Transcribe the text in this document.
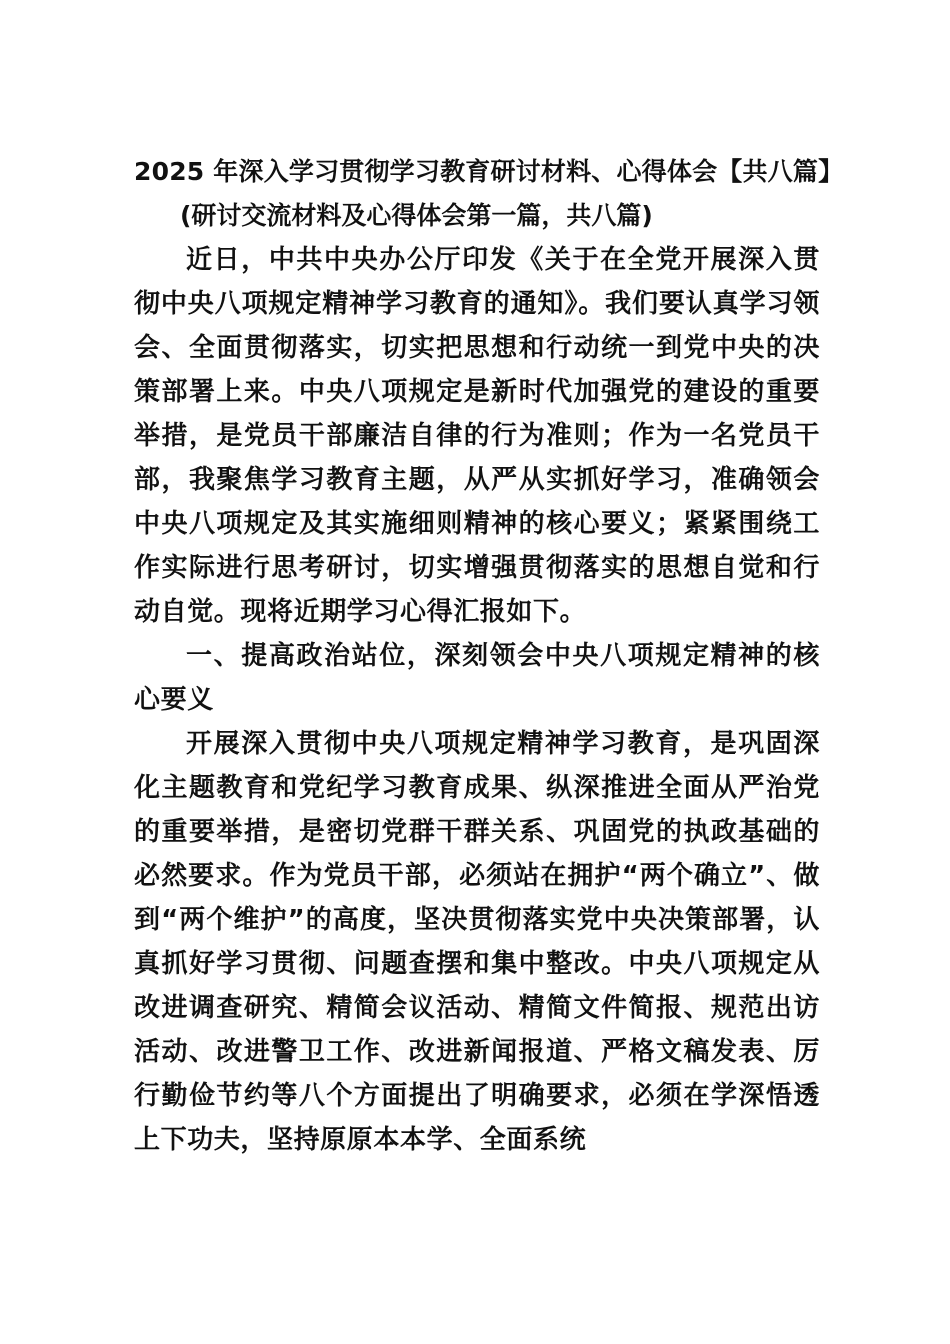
2025 年深入学习贯彻学习教育研讨材料、心得体会【共八篇】

(研讨交流材料及心得体会第一篇，共八篇)

近日，中共中央办公厅印发《关于在全党开展深入贯彻中央八项规定精神学习教育的通知》。我们要认真学习领会、全面贯彻落实，切实把思想和行动统一到党中央的决策部署上来。中央八项规定是新时代加强党的建设的重要举措，是党员干部廉洁自律的行为准则；作为一名党员干部，我聚焦学习教育主题，从严从实抓好学习，准确领会中央八项规定及其实施细则精神的核心要义；紧紧围绕工作实际进行思考研讨，切实增强贯彻落实的思想自觉和行动自觉。现将近期学习心得汇报如下。

一、提高政治站位，深刻领会中央八项规定精神的核心要义

开展深入贯彻中央八项规定精神学习教育，是巩固深化主题教育和党纪学习教育成果、纵深推进全面从严治党的重要举措，是密切党群干群关系、巩固党的执政基础的必然要求。作为党员干部，必须站在拥护“两个确立”、做到“两个维护”的高度，坚决贯彻落实党中央决策部署，认真抓好学习贯彻、问题查摆和集中整改。中央八项规定从改进调查研究、精简会议活动、精简文件简报、规范出访活动、改进警卫工作、改进新闻报道、严格文稿发表、厉行勤俭节约等八个方面提出了明确要求，必须在学深悟透上下功夫，坚持原原本本学、全面系统
